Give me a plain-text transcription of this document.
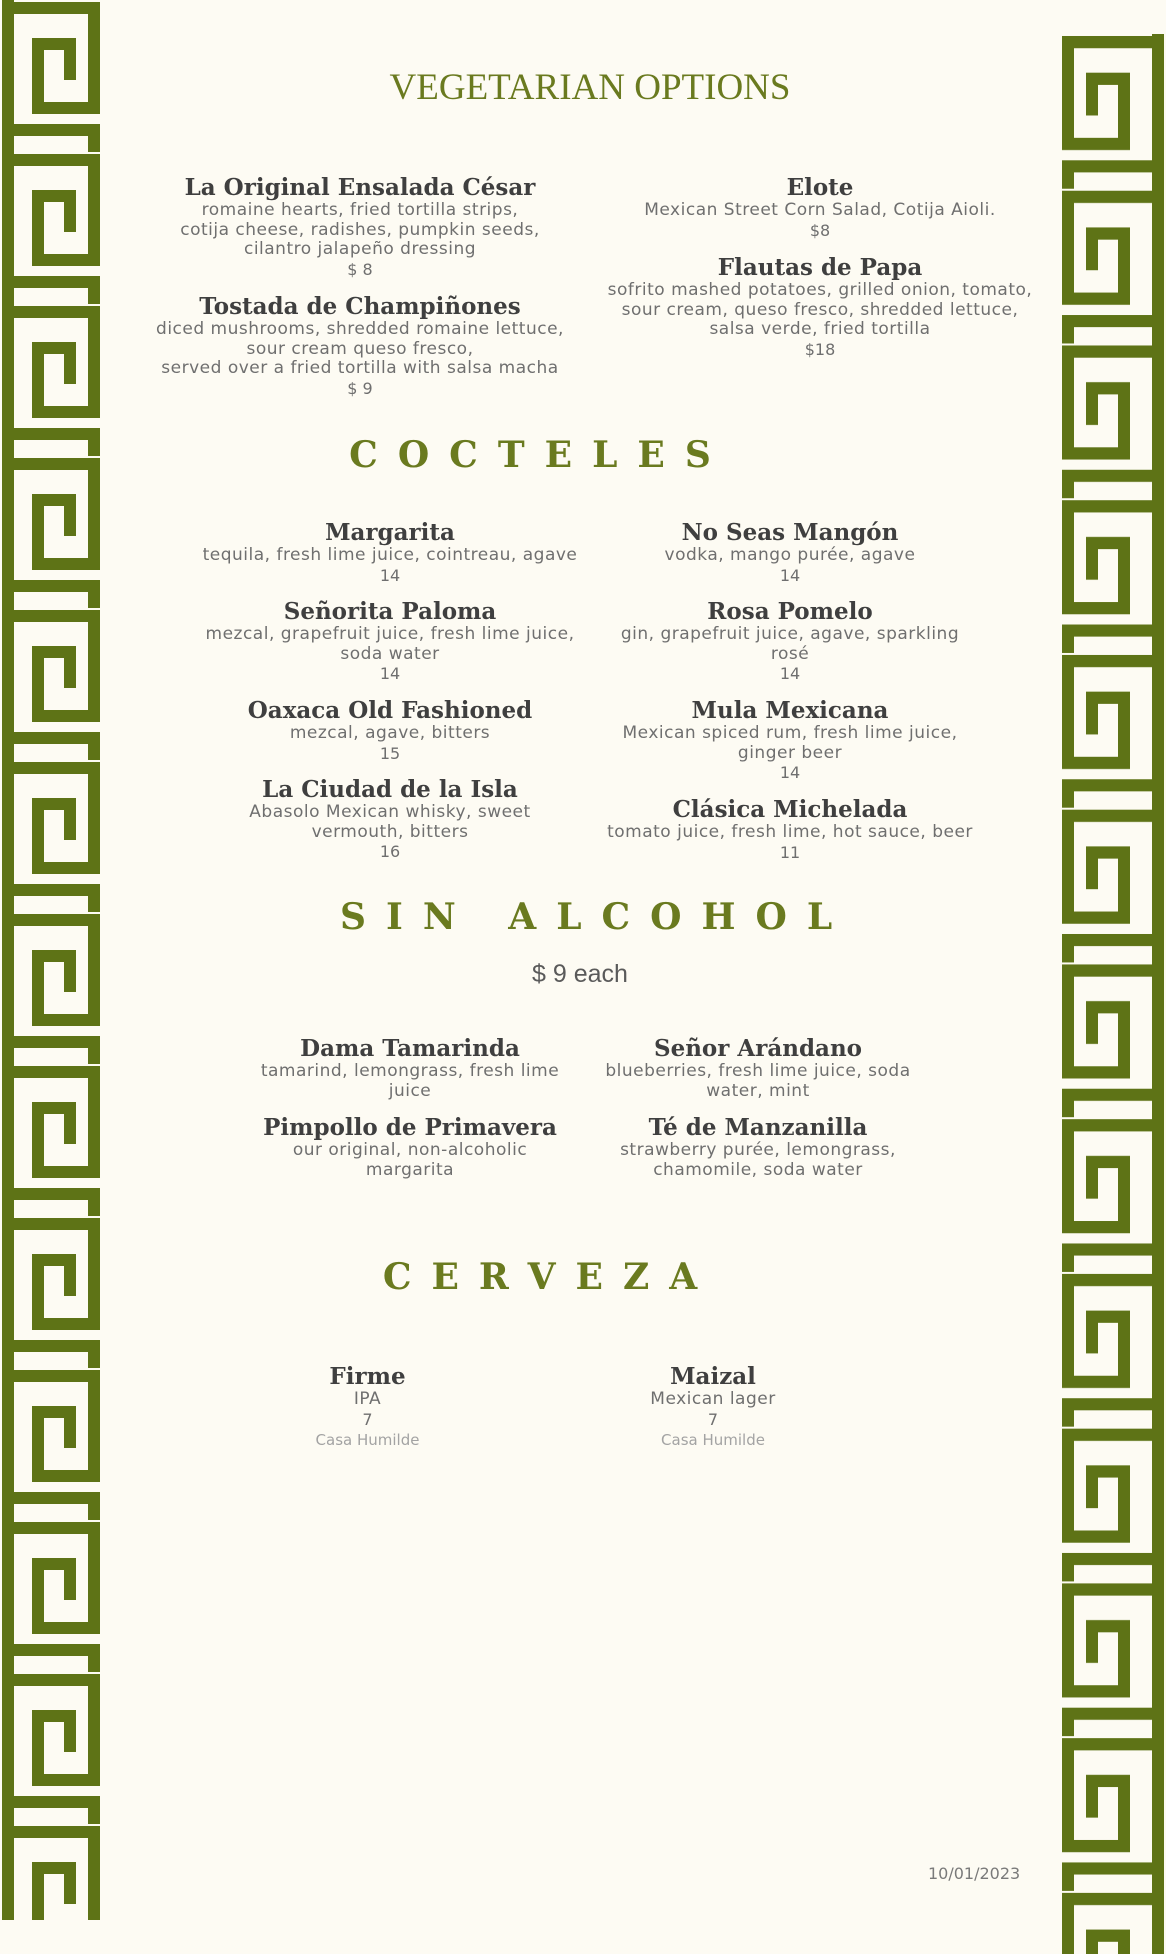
VEGETARIAN OPTIONS
La Original Ensalada César
romaine hearts, fried tortilla strips,
cotija cheese, radishes, pumpkin seeds,
cilantro jalapeño dressing
$ 8
Tostada de Champiñones
diced mushrooms, shredded romaine lettuce,
sour cream queso fresco,
served over a fried tortilla with salsa macha
$ 9
Elote
Mexican Street Corn Salad, Cotija Aioli.
$8
Flautas de Papa
sofrito mashed potatoes, grilled onion, tomato,
sour cream, queso fresco, shredded lettuce,
salsa verde, fried tortilla
$18
COCTELES
Margarita
tequila, fresh lime juice, cointreau, agave
14
Señorita Paloma
mezcal, grapefruit juice, fresh lime juice,
soda water
14
Oaxaca Old Fashioned
mezcal, agave, bitters
15
La Ciudad de la Isla
Abasolo Mexican whisky, sweet
vermouth, bitters
16
No Seas Mangón
vodka, mango purée, agave
14
Rosa Pomelo
gin, grapefruit juice, agave, sparkling
rosé
14
Mula Mexicana
Mexican spiced rum, fresh lime juice,
ginger beer
14
Clásica Michelada
tomato juice, fresh lime, hot sauce, beer
11
SIN ALCOHOL
$ 9 each
Dama Tamarinda
tamarind, lemongrass, fresh lime
juice
Pimpollo de Primavera
our original, non-alcoholic
margarita
Señor Arándano
blueberries, fresh lime juice, soda
water, mint
Té de Manzanilla
strawberry purée, lemongrass,
chamomile, soda water
CERVEZA
Firme
IPA
7
Casa Humilde
Maizal
Mexican lager
7
Casa Humilde
10/01/2023
